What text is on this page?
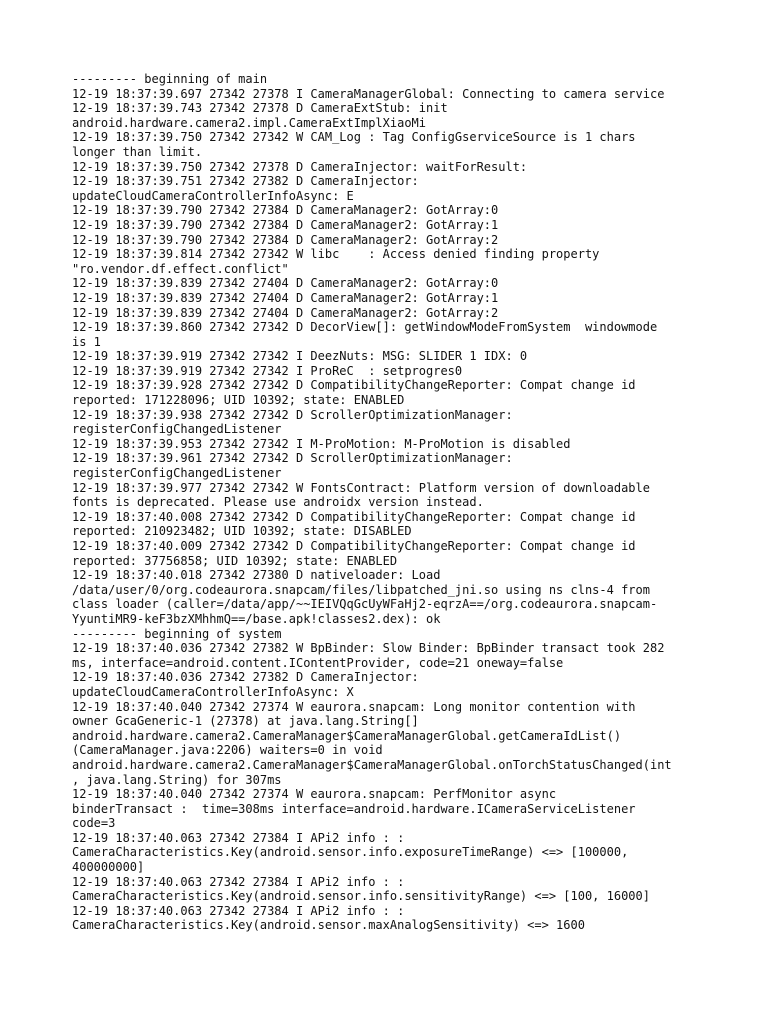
--------- beginning of main

12-19 18:37:39.697 27342 27378 I CameraManagerGlobal: Connecting to camera service

12-19 18:37:39.743 27342 27378 D CameraExtStub: init

android.hardware.camera2.impl.CameraExtImplXiaoMi

12-19 18:37:39.750 27342 27342 W CAM_Log : Tag ConfigGserviceSource is 1 chars

longer than limit.

12-19 18:37:39.750 27342 27378 D CameraInjector: waitForResult:

12-19 18:37:39.751 27342 27382 D CameraInjector:

updateCloudCameraControllerInfoAsync: E

12-19 18:37:39.790 27342 27384 D CameraManager2: GotArray:0

12-19 18:37:39.790 27342 27384 D CameraManager2: GotArray:1

12-19 18:37:39.790 27342 27384 D CameraManager2: GotArray:2

12-19 18:37:39.814 27342 27342 W libc    : Access denied finding property

"ro.vendor.df.effect.conflict"

12-19 18:37:39.839 27342 27404 D CameraManager2: GotArray:0

12-19 18:37:39.839 27342 27404 D CameraManager2: GotArray:1

12-19 18:37:39.839 27342 27404 D CameraManager2: GotArray:2

12-19 18:37:39.860 27342 27342 D DecorView[]: getWindowModeFromSystem  windowmode

is 1

12-19 18:37:39.919 27342 27342 I DeezNuts: MSG: SLIDER 1 IDX: 0

12-19 18:37:39.919 27342 27342 I ProReC  : setprogres0

12-19 18:37:39.928 27342 27342 D CompatibilityChangeReporter: Compat change id

reported: 171228096; UID 10392; state: ENABLED

12-19 18:37:39.938 27342 27342 D ScrollerOptimizationManager:

registerConfigChangedListener

12-19 18:37:39.953 27342 27342 I M-ProMotion: M-ProMotion is disabled

12-19 18:37:39.961 27342 27342 D ScrollerOptimizationManager:

registerConfigChangedListener

12-19 18:37:39.977 27342 27342 W FontsContract: Platform version of downloadable

fonts is deprecated. Please use androidx version instead.

12-19 18:37:40.008 27342 27342 D CompatibilityChangeReporter: Compat change id

reported: 210923482; UID 10392; state: DISABLED

12-19 18:37:40.009 27342 27342 D CompatibilityChangeReporter: Compat change id

reported: 37756858; UID 10392; state: ENABLED

12-19 18:37:40.018 27342 27380 D nativeloader: Load

/data/user/0/org.codeaurora.snapcam/files/libpatched_jni.so using ns clns-4 from

class loader (caller=/data/app/~~IEIVQqGcUyWFaHj2-eqrzA==/org.codeaurora.snapcam-

YyuntiMR9-keF3bzXMhhmQ==/base.apk!classes2.dex): ok

--------- beginning of system

12-19 18:37:40.036 27342 27382 W BpBinder: Slow Binder: BpBinder transact took 282

ms, interface=android.content.IContentProvider, code=21 oneway=false

12-19 18:37:40.036 27342 27382 D CameraInjector:

updateCloudCameraControllerInfoAsync: X

12-19 18:37:40.040 27342 27374 W eaurora.snapcam: Long monitor contention with

owner GcaGeneric-1 (27378) at java.lang.String[]

android.hardware.camera2.CameraManager$CameraManagerGlobal.getCameraIdList()

(CameraManager.java:2206) waiters=0 in void

android.hardware.camera2.CameraManager$CameraManagerGlobal.onTorchStatusChanged(int

, java.lang.String) for 307ms

12-19 18:37:40.040 27342 27374 W eaurora.snapcam: PerfMonitor async

binderTransact :  time=308ms interface=android.hardware.ICameraServiceListener

code=3

12-19 18:37:40.063 27342 27384 I APi2 info : :

CameraCharacteristics.Key(android.sensor.info.exposureTimeRange) <=> [100000,

400000000]

12-19 18:37:40.063 27342 27384 I APi2 info : :

CameraCharacteristics.Key(android.sensor.info.sensitivityRange) <=> [100, 16000]

12-19 18:37:40.063 27342 27384 I APi2 info : :

CameraCharacteristics.Key(android.sensor.maxAnalogSensitivity) <=> 1600
